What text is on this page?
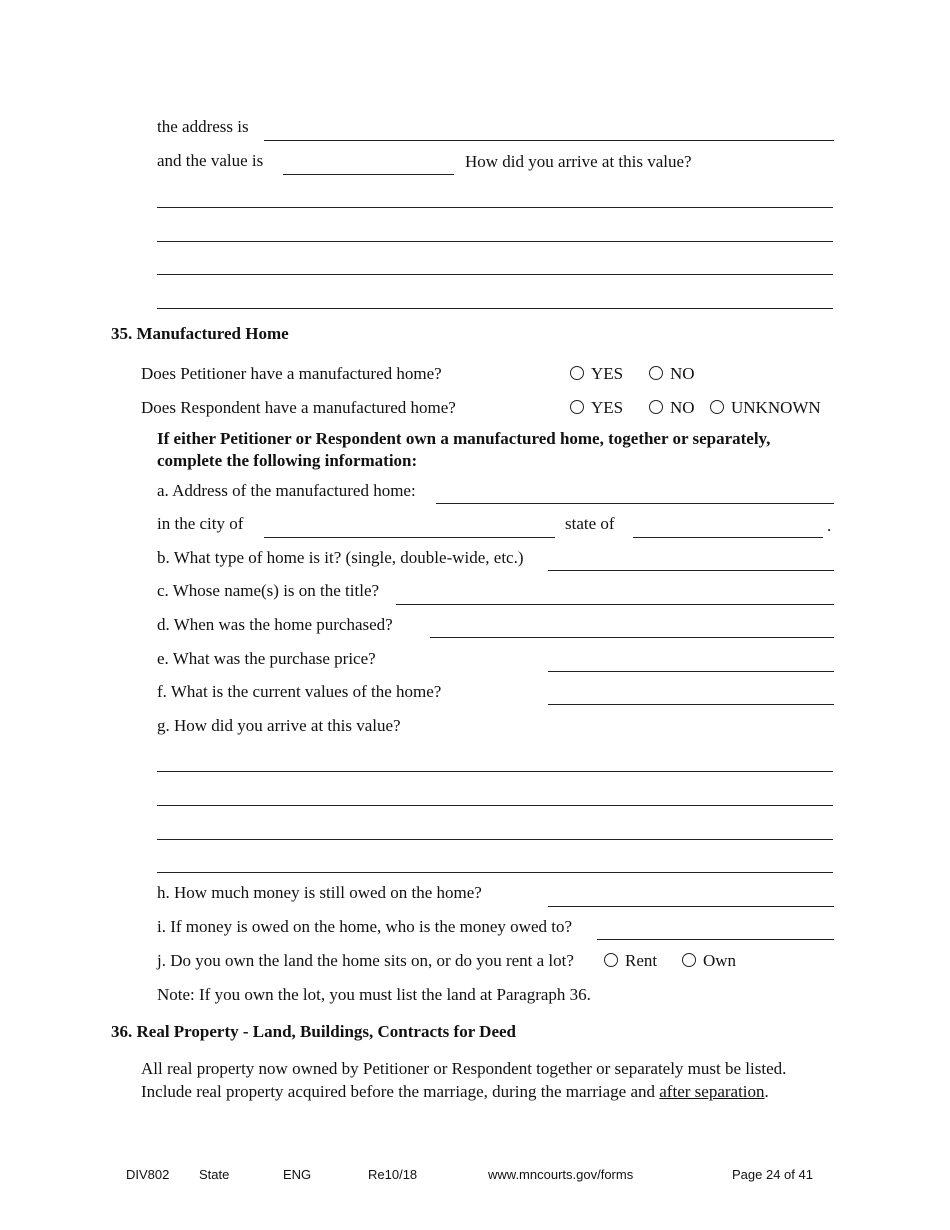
the address is
and the value is	How did you arrive at this value?
35. Manufactured Home
Does Petitioner have a manufactured home?	YES	NO
Does Respondent have a manufactured home?	YES	NO	UNKNOWN
If either Petitioner or Respondent own a manufactured home, together or separately,
complete the following information:
a. Address of the manufactured home:
in the city of	state of	.
b. What type of home is it? (single, double-wide, etc.)
c. Whose name(s) is on the title?
d. When was the home purchased?
e. What was the purchase price?
f. What is the current values of the home?
g. How did you arrive at this value?
h. How much money is still owed on the home?
i. If money is owed on the home, who is the money owed to?
j. Do you own the land the home sits on, or do you rent a lot?	Rent	Own
Note: If you own the lot, you must list the land at Paragraph 36.
36. Real Property - Land, Buildings, Contracts for Deed
All real property now owned by Petitioner or Respondent together or separately must be listed.
Include real property acquired before the marriage, during the marriage and after separation.
DIV802 State	ENG	Re10/18	www.mncourts.gov/forms	Page 24 of 41
